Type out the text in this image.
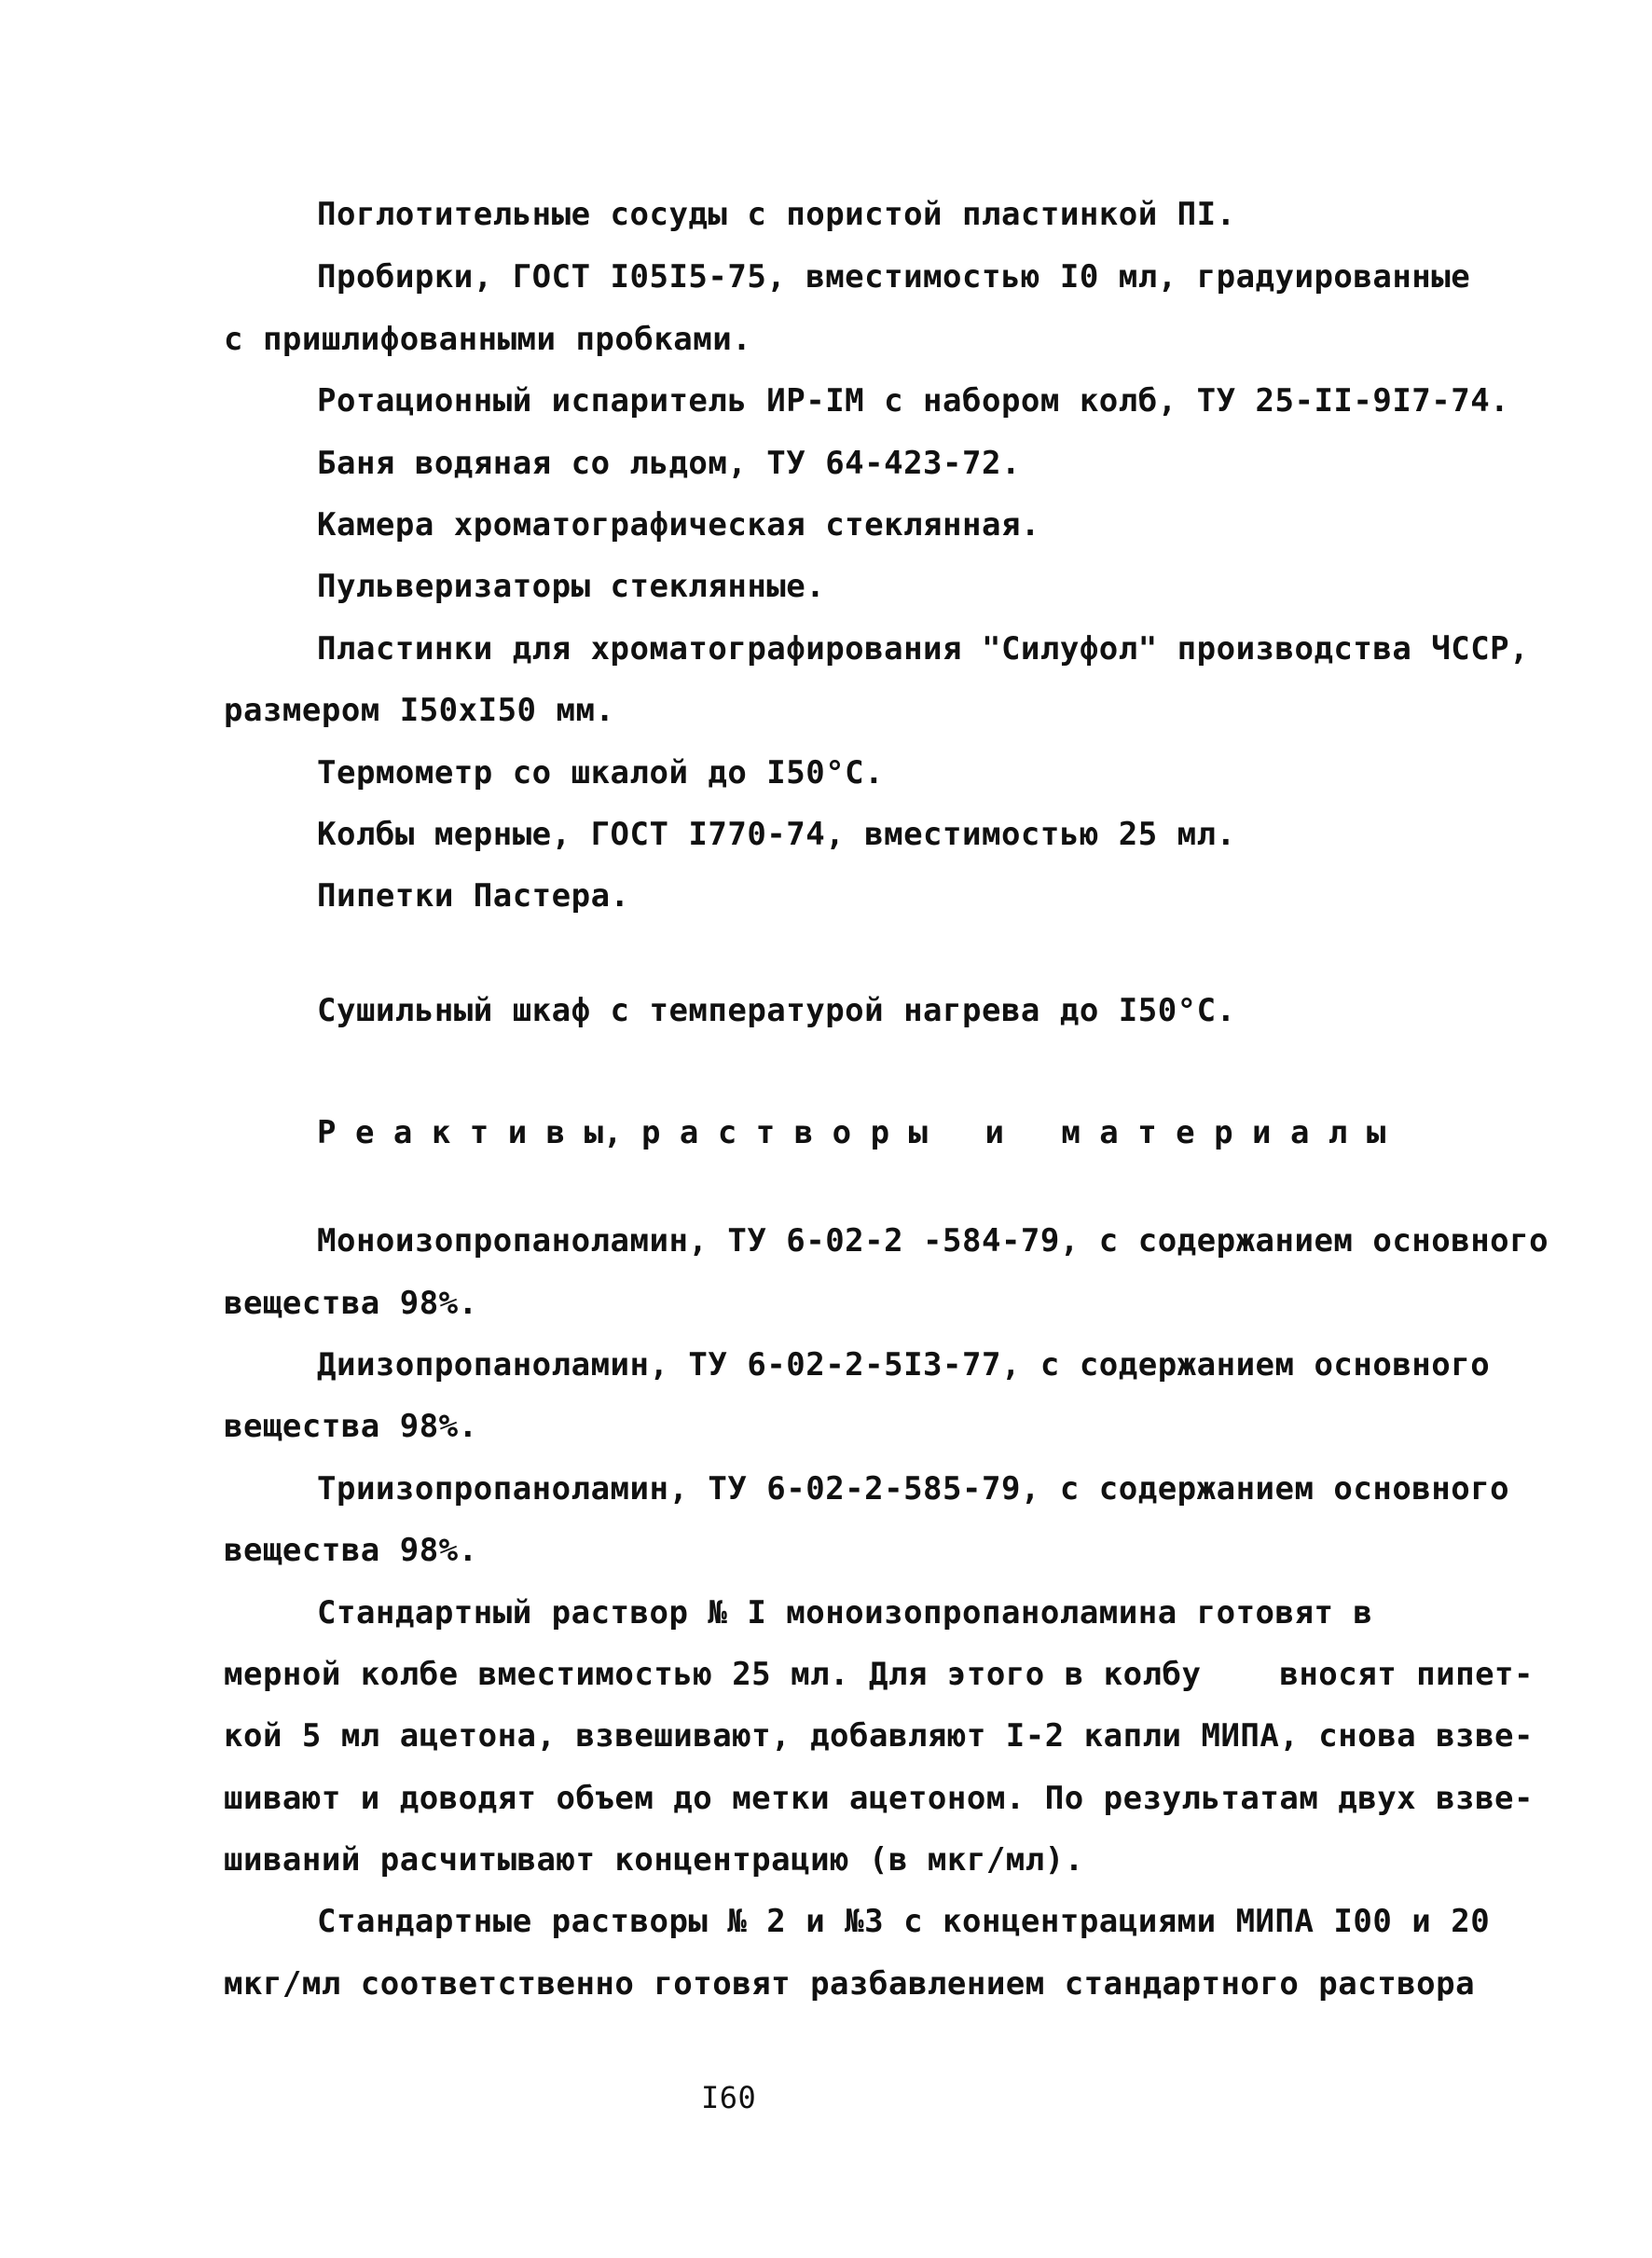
Поглотительные сосуды с пористой пластинкой ПI.
Пробирки, ГОСТ I05I5-75, вместимостью I0 мл, градуированные
с пришлифованными пробками.
Ротационный испаритель ИР-IМ с набором колб, ТУ 25-II-9I7-74.
Баня водяная со льдом, ТУ 64-423-72.
Камера хроматографическая стеклянная.
Пульверизаторы стеклянные.
Пластинки для хроматографирования "Силуфол" производства ЧССР,
размером I50xI50 мм.
Термометр со шкалой до I50°С.
Колбы мерные, ГОСТ I770-74, вместимостью 25 мл.
Пипетки Пастера.
Сушильный шкаф с температурой нагрева до I50°С.
Р е а к т и в ы, р а с т в о р ы   и   м а т е р и а л ы
Моноизопропаноламин, ТУ 6-02-2 -584-79, с содержанием основного
вещества 98%.
Диизопропаноламин, ТУ 6-02-2-5I3-77, с содержанием основного
вещества 98%.
Триизопропаноламин, ТУ 6-02-2-585-79, с содержанием основного
вещества 98%.
Стандартный раствор № I моноизопропаноламина готовят в
мерной колбе вместимостью 25 мл. Для этого в колбу    вносят пипет-
кой 5 мл ацетона, взвешивают, добавляют I-2 капли МИПА, снова взве-
шивают и доводят объем до метки ацетоном. По результатам двух взве-
шиваний расчитывают концентрацию (в мкг/мл).
Стандартные растворы № 2 и №3 с концентрациями МИПА I00 и 20
мкг/мл соответственно готовят разбавлением стандартного раствора
I60
